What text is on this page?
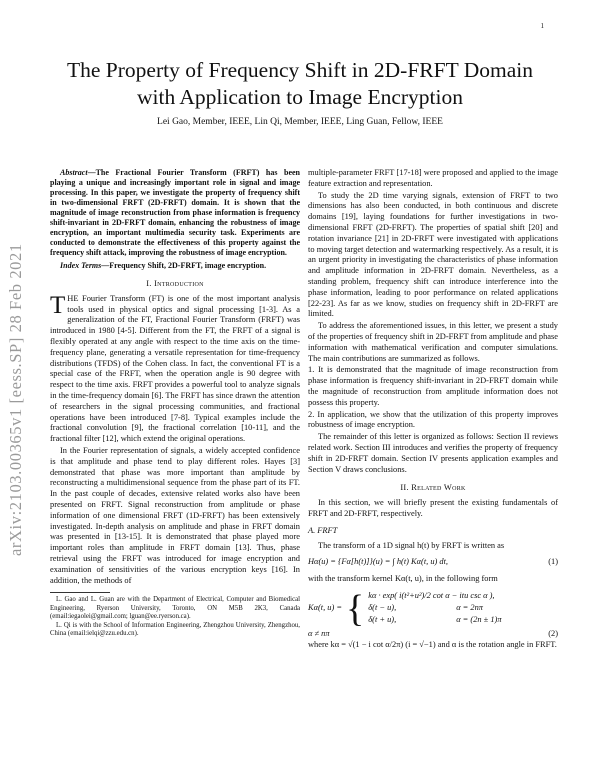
1
arXiv:2103.00365v1 [eess.SP] 28 Feb 2021
The Property of Frequency Shift in 2D-FRFT Domain with Application to Image Encryption
Lei Gao, Member, IEEE, Lin Qi, Member, IEEE, Ling Guan, Fellow, IEEE
Abstract—The Fractional Fourier Transform (FRFT) has been playing a unique and increasingly important role in signal and image processing. In this paper, we investigate the property of frequency shift in two-dimensional FRFT (2D-FRFT) domain. It is shown that the magnitude of image reconstruction from phase information is frequency shift-invariant in 2D-FRFT domain, enhancing the robustness of image encryption, an important multimedia security task. Experiments are conducted to demonstrate the effectiveness of this property against the frequency shift attack, improving the robustness of image encryption.
Index Terms—Frequency Shift, 2D-FRFT, image encryption.
I. Introduction

THE Fourier Transform (FT) is one of the most important analysis tools used in physical optics and signal processing [1-3]. As a generalization of the FT, Fractional Fourier Transform (FRFT) was introduced in 1980 [4-5]. Different from the FT, the FRFT of a signal is flexibly operated at any angle with respect to the time axis on the time-frequency plane, generating a versatile representation for time-frequency distributions (TFDS) of the Cohen class. In fact, the conventional FT is a special case of the FRFT, when the operation angle is 90 degree with respect to the time axis. FRFT provides a powerful tool to analyze signals in the time-frequency domain [6]. The FRFT has since drawn the attention of researchers in the signal processing communities, and fractional operations have been introduced [7-8]. Typical examples include the fractional convolution [9], the fractional correlation [10-11], and the fractional filter [12], which extend the original operations.

In the Fourier representation of signals, a widely accepted confidence is that amplitude and phase tend to play different roles. Hayes [3] demonstrated that phase was more important than amplitude by reconstructing a multidimensional sequence from the phase part of its FT. In the past couple of decades, extensive related works also have been presented on FRFT. Signal reconstruction from amplitude or phase information of one dimensional FRFT (1D-FRFT) has been extensively investigated. In-depth analysis on amplitude and phase in FRFT domain was presented in [13-15]. It is demonstrated that phase played more important roles than amplitude in FRFT domain [13]. Thus, phase retrieval using the FRFT was introduced for image encryption and examination of sensitivities of the various encryption keys [16]. In addition, the methods of

L. Gao and L. Guan are with the Department of Electrical, Computer and Biomedical Engineering, Ryerson University, Toronto, ON M5B 2K3, Canada (email:iegaolei@gmail.com; lguan@ee.ryerson.ca).
L. Qi is with the School of Information Engineering, Zhengzhou University, Zhengzhou, China (email:ielqi@zzu.edu.cn).

multiple-parameter FRFT [17-18] were proposed and applied to the image feature extraction and representation.

To study the 2D time varying signals, extension of FRFT to two dimensions has also been conducted, in both continuous and discrete domains [19], laying foundations for further investigations in two-dimensional FRFT (2D-FRFT). The properties of spatial shift [20] and rotation invariance [21] in 2D-FRFT were investigated with applications to moving target detection and watermarking respectively. As a result, it is an urgent priority in investigating the characteristics of phase information and amplitude information in 2D-FRFT domain. Nevertheless, as a standing problem, frequency shift can introduce interference into the phase information, leading to poor performance on related applications [22-23]. As far as we know, studies on frequency shift in 2D-FRFT are limited.

To address the aforementioned issues, in this letter, we present a study of the properties of frequency shift in 2D-FRFT from amplitude and phase information with mathematical verification and computer simulations. The main contributions are summarized as follows.

1. It is demonstrated that the magnitude of image reconstruction from phase information is frequency shift-invariant in 2D-FRFT domain while the magnitude of reconstruction from amplitude information does not possess this property.

2. In application, we show that the utilization of this property improves robustness of image encryption.

The remainder of this letter is organized as follows: Section II reviews related work. Section III introduces and verifies the property of frequency shift in 2D-FRFT domain. Section IV presents application examples and Section V draws conclusions.

II. Related Work

In this section, we will briefly present the existing fundamentals of FRFT and 2D-FRFT, respectively.

A. FRFT

The transform of a 1D signal h(t) by FRFT is written as

Hα(u) = {Fα[h(t)]}(u) = ∫ h(t) Kα(t, u) dt,	(1)

with the transform kernel Kα(t, u), in the following form

Kα(t, u) = { kα · exp( i(t²+u²)/2 cot α − itu csc α ),
δ(t − u),	α = 2nπ
δ(t + u),	α = (2n ± 1)π
α ≠ nπ	(2)

where kα = √(1 − i cot α/2π) (i = √−1) and α is the rotation angle in FRFT.
